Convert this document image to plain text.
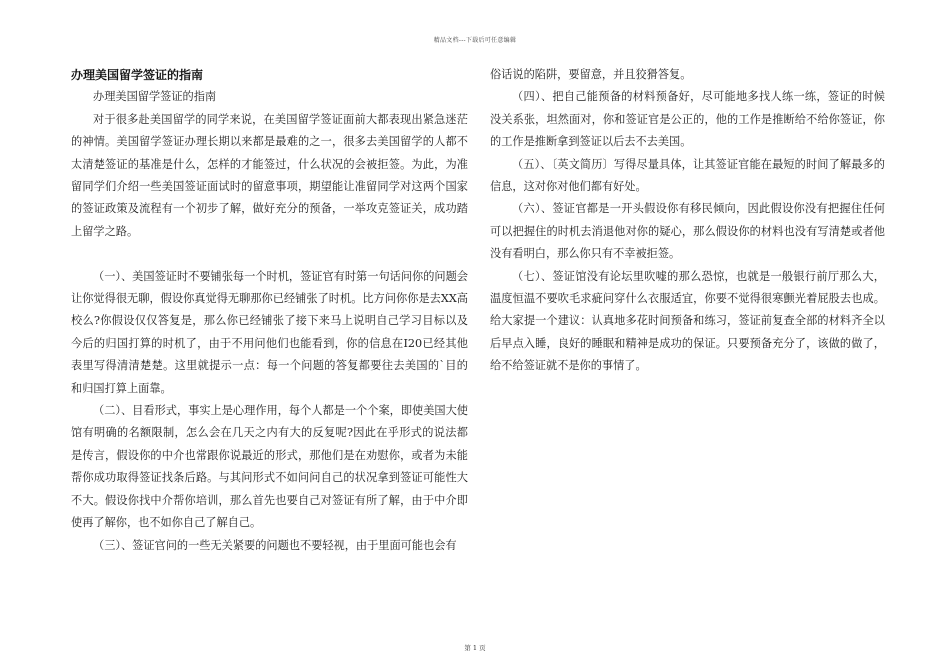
精品文档---下载后可任意编辑

办理美国留学签证的指南

办理美国留学签证的指南

对于很多赴美国留学的同学来说，在美国留学签证面前大都表现出紧急迷茫的神情。美国留学签证办理长期以来都是最难的之一，很多去美国留学的人都不太清楚签证的基准是什么，怎样的才能签过，什么状况的会被拒签。为此，为准留同学们介绍一些美国签证面试时的留意事项，期望能让准留同学对这两个国家的签证政策及流程有一个初步了解，做好充分的预备，一举攻克签证关，成功踏上留学之路。

（一）、美国签证时不要铺张每一个时机，签证官有时第一句话问你的问题会让你觉得很无聊，假设你真觉得无聊那你已经铺张了时机。比方问你你是去XX高校么?你假设仅仅答复是，那么你已经铺张了接下来马上说明自己学习目标以及今后的归国打算的时机了，由于不用问他们也能看到，你的信息在I20已经其他表里写得清清楚楚。这里就提示一点：每一个问题的答复都要往去美国的`目的和归国打算上面靠。

（二）、目看形式，事实上是心理作用，每个人都是一个个案，即使美国大使馆有明确的名额限制，怎么会在几天之内有大的反复呢?因此在乎形式的说法都是传言，假设你的中介也常跟你说最近的形式，那他们是在劝慰你，或者为未能帮你成功取得签证找条后路。与其问形式不如问问自己的状况拿到签证可能性大不大。假设你找中介帮你培训，那么首先也要自己对签证有所了解，由于中介即使再了解你，也不如你自己了解自己。

（三）、签证官问的一些无关紧要的问题也不要轻视，由于里面可能也会有

俗话说的陷阱，要留意，并且狡猾答复。

（四）、把自己能预备的材料预备好，尽可能地多找人练一练，签证的时候没关系张，坦然面对，你和签证官是公正的，他的工作是推断给不给你签证，你的工作是推断拿到签证以后去不去美国。

（五）、〔英文简历〕写得尽量具体，让其签证官能在最短的时间了解最多的信息，这对你对他们都有好处。

（六）、签证官都是一开头假设你有移民倾向，因此假设你没有把握住任何可以把握住的时机去消退他对你的疑心，那么假设你的材料也没有写清楚或者他没有看明白，那么你只有不幸被拒签。

（七）、签证馆没有论坛里吹嘘的那么恐惊，也就是一般银行前厅那么大，温度恒温不要吹毛求疵问穿什么衣服适宜，你要不觉得很寒颤光着屁股去也成。给大家提一个建议：认真地多花时间预备和练习，签证前复查全部的材料齐全以后早点入睡，良好的睡眠和精神是成功的保证。只要预备充分了，该做的做了，给不给签证就不是你的事情了。

第 1 页
